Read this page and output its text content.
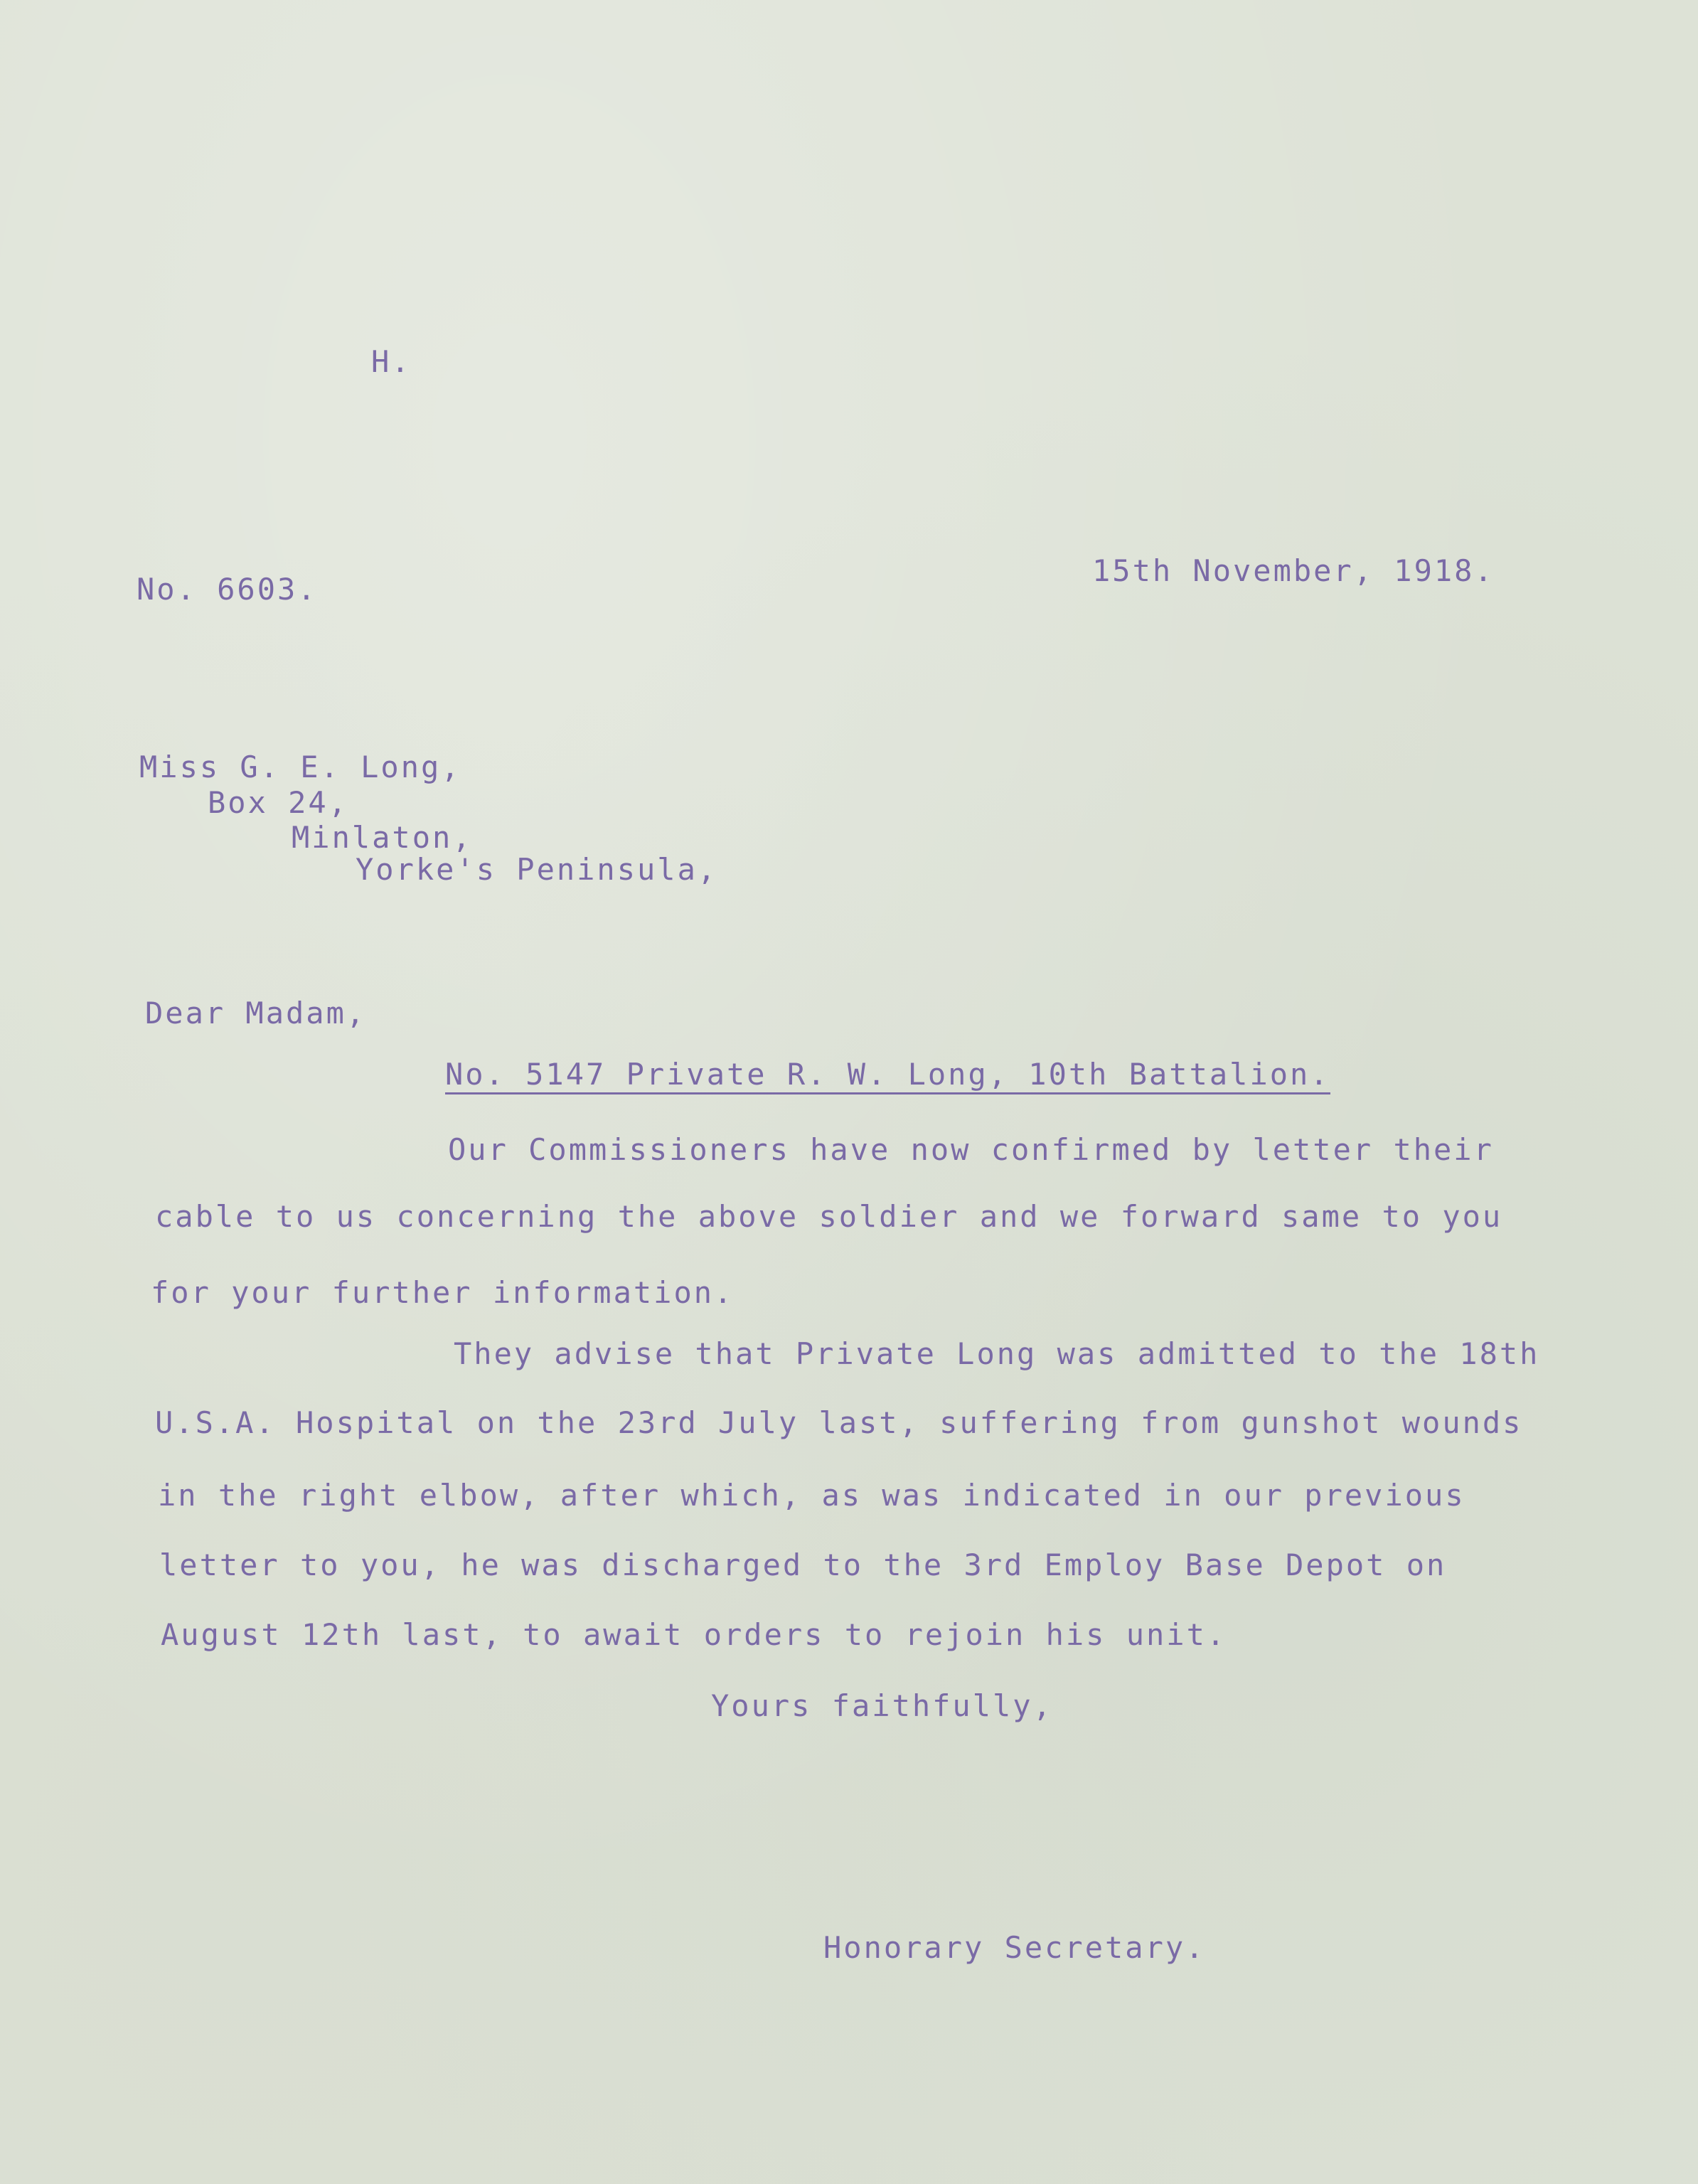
H.
No. 6603.
15th November, 1918.
Miss G. E. Long,
Box 24,
Minlaton,
Yorke's Peninsula,
Dear Madam,
No. 5147 Private R. W. Long, 10th Battalion.
Our Commissioners have now confirmed by letter their
cable to us concerning the above soldier and we forward same to you
for your further information.
They advise that Private Long was admitted to the 18th
U.S.A. Hospital on the 23rd July last, suffering from gunshot wounds
in the right elbow, after which, as was indicated in our previous
letter to you, he was discharged to the 3rd Employ Base Depot on
August 12th last, to await orders to rejoin his unit.
Yours faithfully,
Honorary Secretary.
